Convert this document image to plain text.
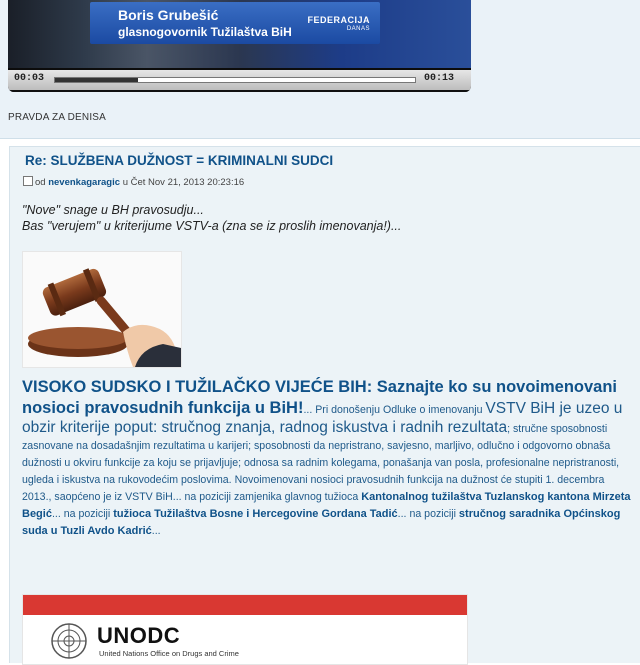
Boris Grubešić
glasnogovornik Tužilaštva BiH
FEDERACIJA
DANAS
00:03	00:13
PRAVDA ZA DENISA
Re: SLUŽBENA DUŽNOST = KRIMINALNI SUDCI
od nevenkagaragic u Čet Nov 21, 2013 20:23:16
"Nove" snage u BH pravosudju...
Bas "verujem" u kriterijume VSTV-a (zna se iz proslih imenovanja!)...
VISOKO SUDSKO I TUŽILAČKO VIJEĆE BIH: Saznajte ko su novoimenovani nosioci pravosudnih funkcija u BiH!... Pri donošenju Odluke o imenovanju VSTV BiH je uzeo u obzir kriterije poput: stručnog znanja, radnog iskustva i radnih rezultata; stručne sposobnosti zasnovane na dosadašnjim rezultatima u karijeri; sposobnosti da nepristrano, savjesno, marljivo, odlučno i odgovorno obnaša dužnosti u okviru funkcije za koju se prijavljuje; odnosa sa radnim kolegama, ponašanja van posla, profesionalne nepristranosti, ugleda i iskustva na rukovodećim poslovima. Novoimenovani nosioci pravosudnih funkcija na dužnost će stupiti 1. decembra 2013., saopćeno je iz VSTV BiH... na poziciji zamjenika glavnog tužioca Kantonalnog tužilaštva Tuzlanskog kantona Mirzeta Begić... na poziciji tužioca Tužilaštva Bosne i Hercegovine Gordana Tadić... na poziciji stručnog saradnika Općinskog suda u Tuzli Avdo Kadrić...
UNODC
United Nations Office on Drugs and Crime
